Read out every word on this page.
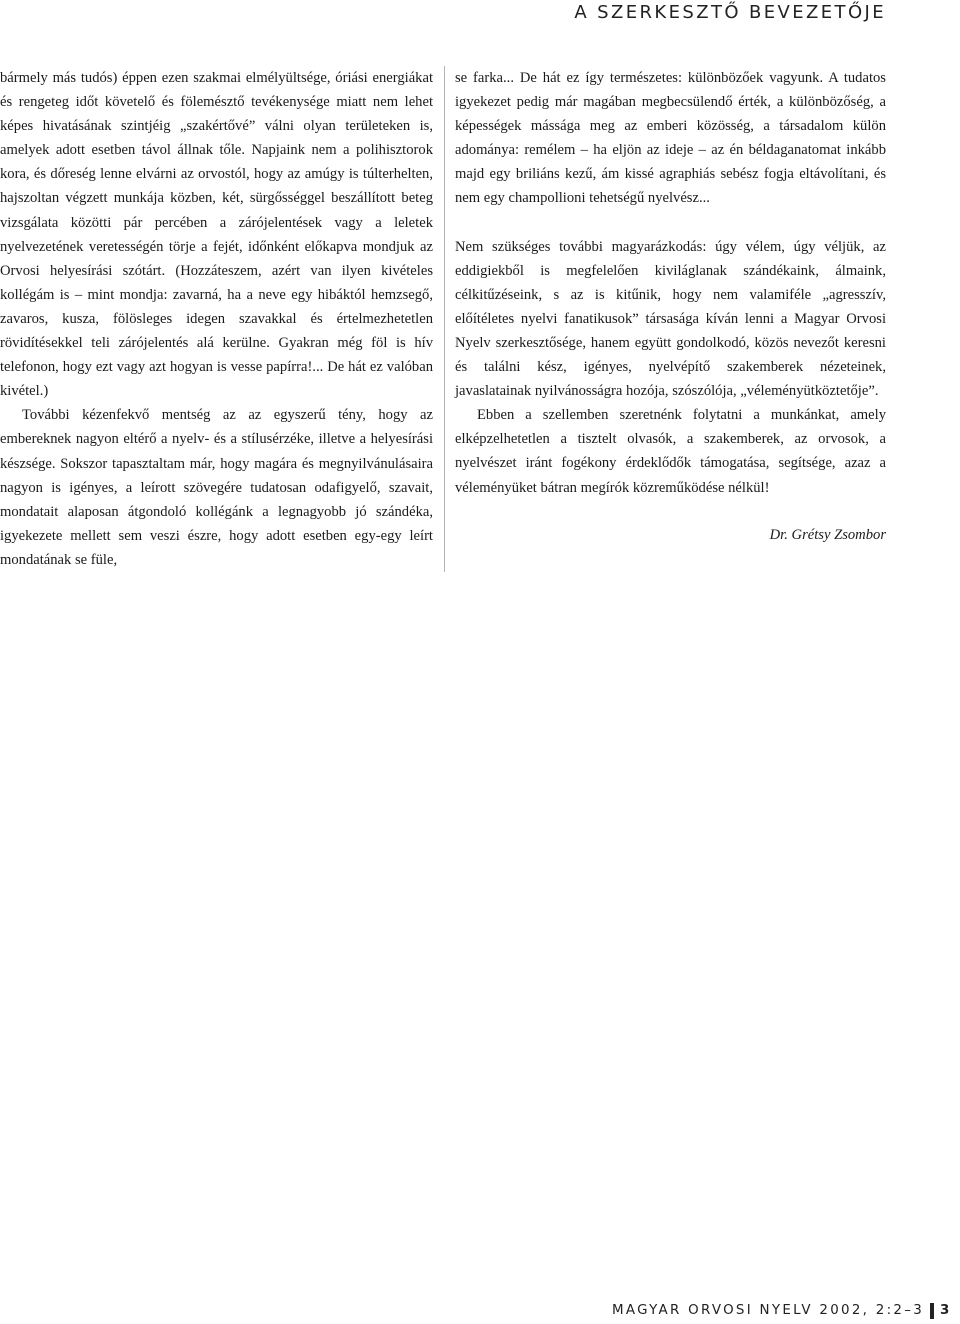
A SZERKESZTŐ BEVEZETŐJE

bármely más tudós) éppen ezen szakmai elmélyültsége, óriási energiákat és rengeteg időt követelő és fölemésztő tevékenysége miatt nem lehet képes hivatásának szintjéig „szakértővé” válni olyan területeken is, amelyek adott esetben távol állnak tőle. Napjaink nem a polihisztorok kora, és dőreség lenne elvárni az orvostól, hogy az amúgy is túlterhelten, hajszoltan végzett munkája közben, két, sürgősséggel beszállított beteg vizsgálata közötti pár percében a zárójelentések vagy a leletek nyelvezetének veretességén törje a fejét, időnként előkapva mondjuk az Orvosi helyesírási szótárt. (Hozzáteszem, azért van ilyen kivételes kollégám is – mint mondja: zavarná, ha a neve egy hibáktól hemzsegő, zavaros, kusza, fölösleges idegen szavakkal és értelmezhetetlen rövidítésekkel teli zárójelentés alá kerülne. Gyakran még föl is hív telefonon, hogy ezt vagy azt hogyan is vesse papírra!... De hát ez valóban kivétel.)

További kézenfekvő mentség az az egyszerű tény, hogy az embereknek nagyon eltérő a nyelv- és a stílusérzéke, illetve a helyesírási készsége. Sokszor tapasztaltam már, hogy magára és megnyilvánulásaira nagyon is igényes, a leírott szövegére tudatosan odafigyelő, szavait, mondatait alaposan átgondoló kollégánk a legnagyobb jó szándéka, igyekezete mellett sem veszi észre, hogy adott esetben egy-egy leírt mondatának se füle,

se farka... De hát ez így természetes: különbözőek vagyunk. A tudatos igyekezet pedig már magában megbecsülendő érték, a különbözőség, a képességek mássága meg az emberi közösség, a társadalom külön adománya: remélem – ha eljön az ideje – az én béldaganatomat inkább majd egy briliáns kezű, ám kissé agraphiás sebész fogja eltávolítani, és nem egy champollioni tehetségű nyelvész...

Nem szükséges további magyarázkodás: úgy vélem, úgy véljük, az eddigiekből is megfelelően kiviláglanak szándékaink, álmaink, célkitűzéseink, s az is kitűnik, hogy nem valamiféle „agresszív, előítéletes nyelvi fanatikusok” társasága kíván lenni a Magyar Orvosi Nyelv szerkesztősége, hanem együtt gondolkodó, közös nevezőt keresni és találni kész, igényes, nyelvépítő szakemberek nézeteinek, javaslatainak nyilvánosságra hozója, szószólója, „véleményütköztetője”.

Ebben a szellemben szeretnénk folytatni a munkánkat, amely elképzelhetetlen a tisztelt olvasók, a szakemberek, az orvosok, a nyelvészet iránt fogékony érdeklődők támogatása, segítsége, azaz a véleményüket bátran megírók közreműködése nélkül!

Dr. Grétsy Zsombor
MAGYAR ORVOSI NYELV 2002, 2:2–3 3
